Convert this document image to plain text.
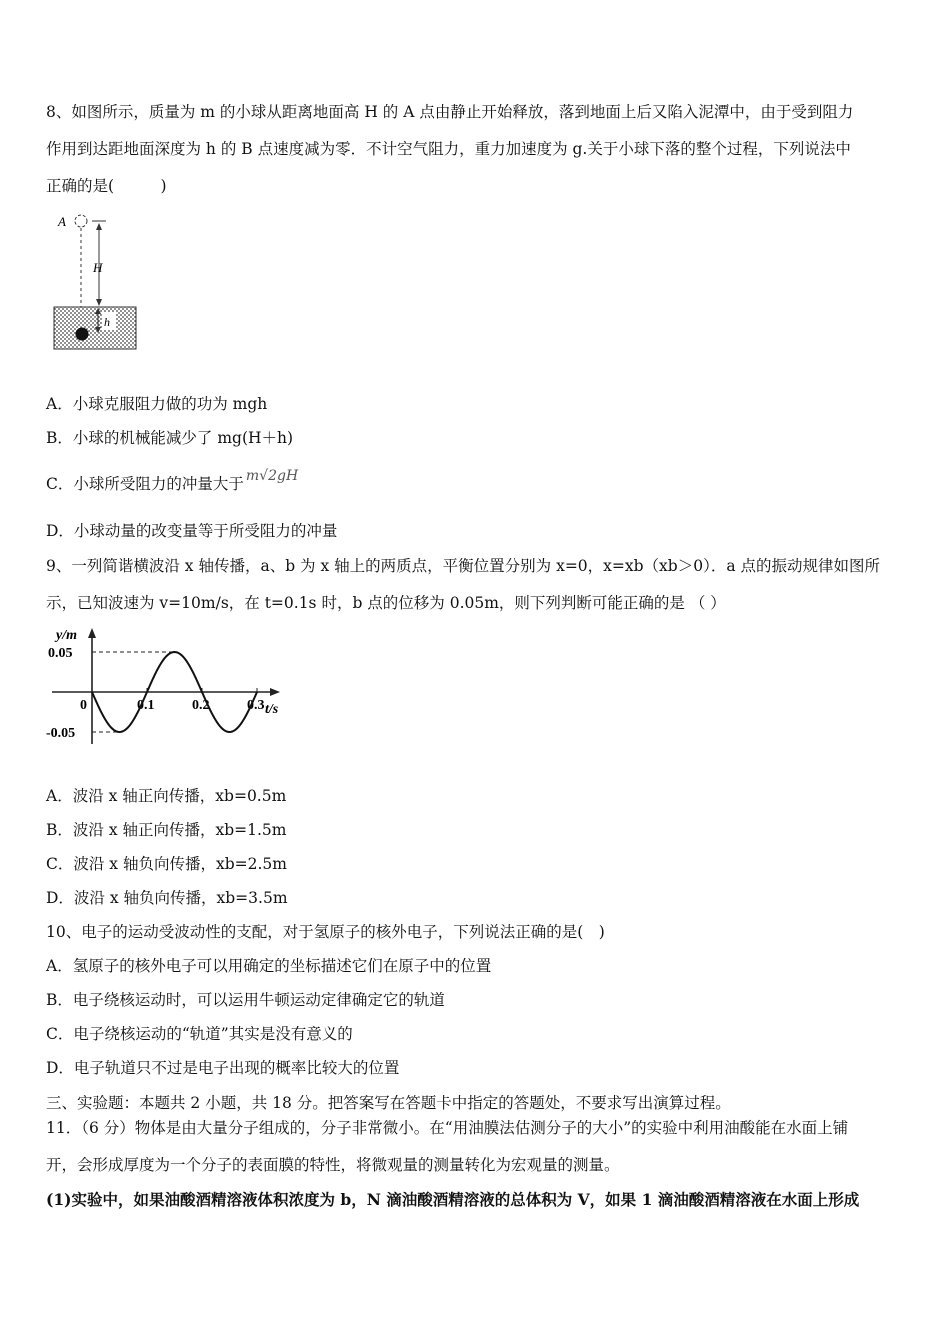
8、如图所示，质量为 m 的小球从距离地面高 H 的 A 点由静止开始释放，落到地面上后又陷入泥潭中，由于受到阻力
作用到达距地面深度为 h 的 B 点速度减为零．不计空气阻力，重力加速度为 g.关于小球下落的整个过程，下列说法中
正确的是(　　　)
A
H
h
A．小球克服阻力做的功为 mgh
B．小球的机械能减少了 mg(H＋h)
C．小球所受阻力的冲量大于 m√2gH
D．小球动量的改变量等于所受阻力的冲量
9、一列简谐横波沿 x 轴传播，a、b 为 x 轴上的两质点，平衡位置分别为 x=0，x=xb（xb＞0）．a 点的振动规律如图所
示，已知波速为 v=10m/s，在 t=0.1s 时，b 点的位移为 0.05m，则下列判断可能正确的是 （ ）
y/m
t/s
0.05
-0.05
0	0.1	0.2	0.3
A．波沿 x 轴正向传播，xb=0.5m
B．波沿 x 轴正向传播，xb=1.5m
C．波沿 x 轴负向传播，xb=2.5m
D．波沿 x 轴负向传播，xb=3.5m
10、电子的运动受波动性的支配，对于氢原子的核外电子，下列说法正确的是(　)
A．氢原子的核外电子可以用确定的坐标描述它们在原子中的位置
B．电子绕核运动时，可以运用牛顿运动定律确定它的轨道
C．电子绕核运动的“轨道”其实是没有意义的
D．电子轨道只不过是电子出现的概率比较大的位置
三、实验题：本题共 2 小题，共 18 分。把答案写在答题卡中指定的答题处，不要求写出演算过程。
11．（6 分）物体是由大量分子组成的，分子非常微小。在“用油膜法估测分子的大小”的实验中利用油酸能在水面上铺
开，会形成厚度为一个分子的表面膜的特性，将微观量的测量转化为宏观量的测量。
(1)实验中，如果油酸酒精溶液体积浓度为 b，N 滴油酸酒精溶液的总体积为 V，如果 1 滴油酸酒精溶液在水面上形成
